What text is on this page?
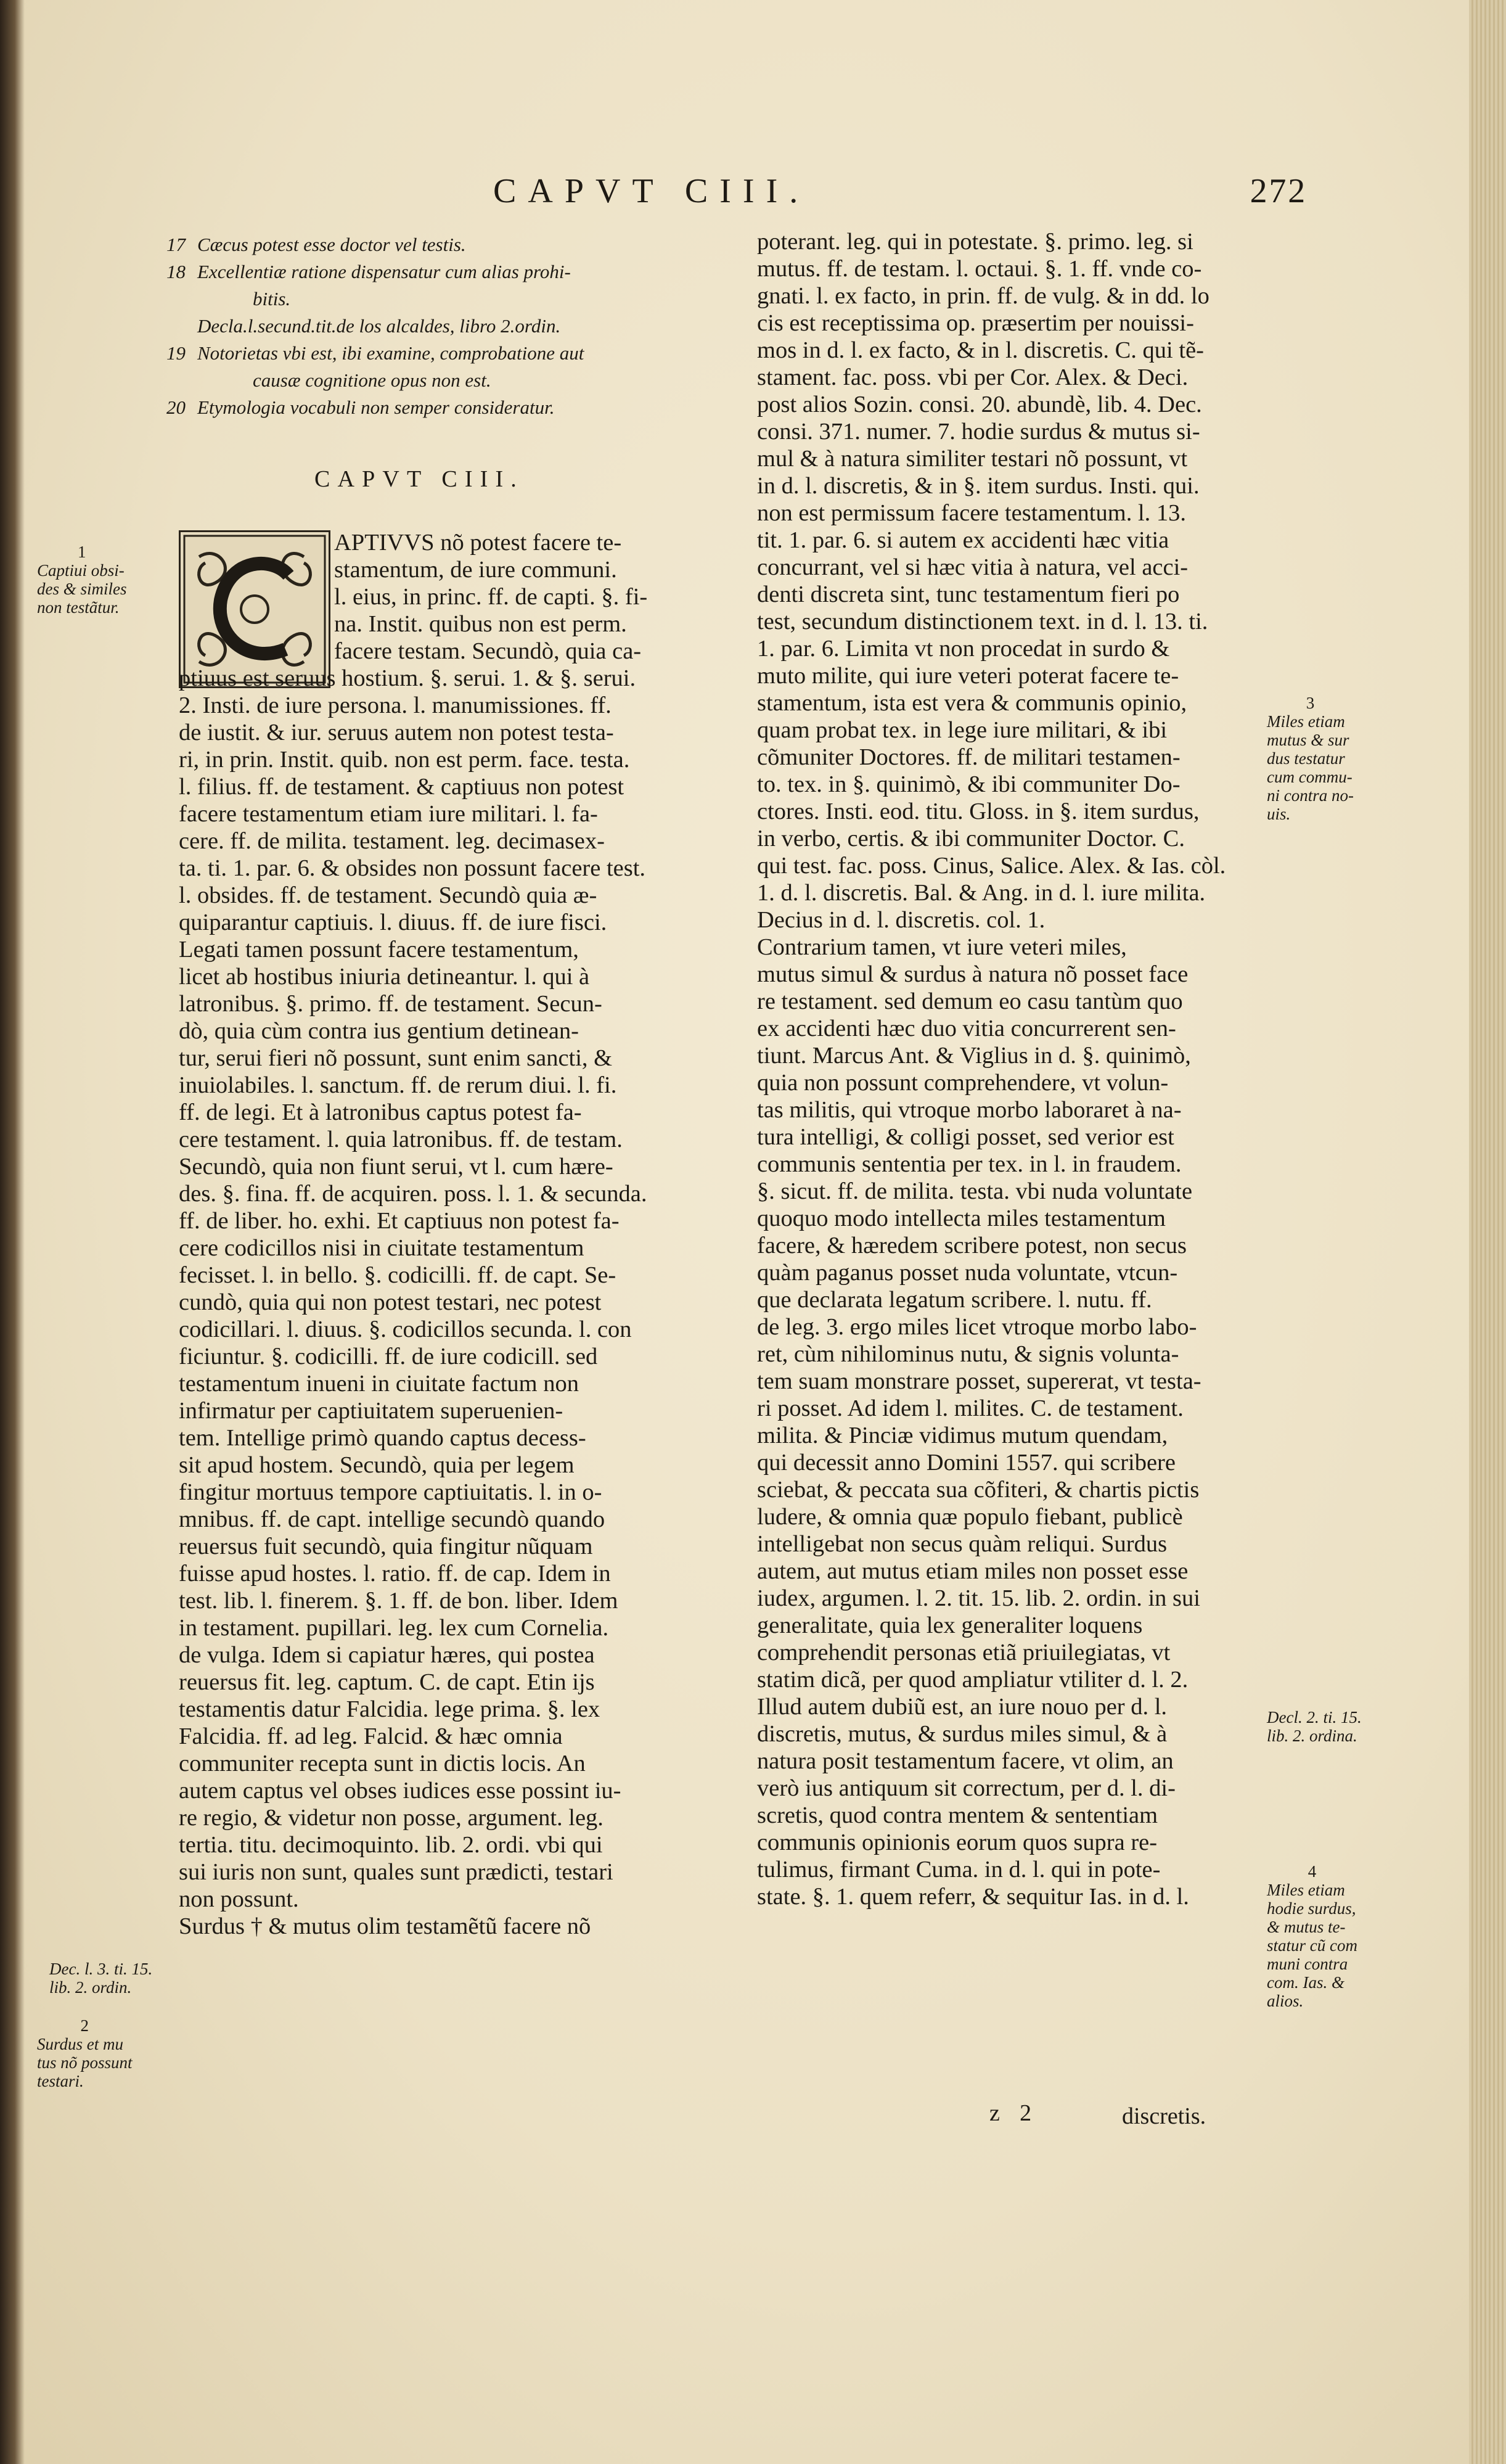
CAPVT CIII.	272
17 Cæcus potest esse doctor vel testis.
18 Excellentiæ ratione dispensatur cum alias prohi-
bitis.
Decla.l.secund.tit.de los alcaldes, libro 2.ordin.
19 Notorietas vbi est, ibi examine, comprobatione aut
causæ cognitione opus non est.
20 Etymologia vocabuli non semper consideratur.
CAPVT CIII.
APTIVVS nõ potest facere te-
stamentum, de iure communi.
l. eius, in princ. ff. de capti. §. fi-
na. Instit. quibus non est perm.
facere testam. Secundò, quia ca-
ptiuus est seruus hostium. §. serui. 1. & §. serui.
2. Insti. de iure persona. l. manumissiones. ff.
de iustit. & iur. seruus autem non potest testa-
ri, in prin. Instit. quib. non est perm. face. testa.
l. filius. ff. de testament. & captiuus non potest
facere testamentum etiam iure militari. l. fa-
cere. ff. de milita. testament. leg. decimasex-
ta. ti. 1. par. 6. & obsides non possunt facere test.
l. obsides. ff. de testament. Secundò quia æ-
quiparantur captiuis. l. diuus. ff. de iure fisci.
Legati tamen possunt facere testamentum,
licet ab hostibus iniuria detineantur. l. qui à
latronibus. §. primo. ff. de testament. Secun-
dò, quia cùm contra ius gentium detinean-
tur, serui fieri nõ possunt, sunt enim sancti, &
inuiolabiles. l. sanctum. ff. de rerum diui. l. fi.
ff. de legi. Et à latronibus captus potest fa-
cere testament. l. quia latronibus. ff. de testam.
Secundò, quia non fiunt serui, vt l. cum hære-
des. §. fina. ff. de acquiren. poss. l. 1. & secunda.
ff. de liber. ho. exhi. Et captiuus non potest fa-
cere codicillos nisi in ciuitate testamentum
fecisset. l. in bello. §. codicilli. ff. de capt. Se-
cundò, quia qui non potest testari, nec potest
codicillari. l. diuus. §. codicillos secunda. l. con
ficiuntur. §. codicilli. ff. de iure codicill. sed
testamentum inueni in ciuitate factum non
infirmatur per captiuitatem superuenien-
tem. Intellige primò quando captus decess-
sit apud hostem. Secundò, quia per legem
fingitur mortuus tempore captiuitatis. l. in o-
mnibus. ff. de capt. intellige secundò quando
reuersus fuit secundò, quia fingitur nũquam
fuisse apud hostes. l. ratio. ff. de cap. Idem in
test. lib. l. finerem. §. 1. ff. de bon. liber. Idem
in testament. pupillari. leg. lex cum Cornelia.
de vulga. Idem si capiatur hæres, qui postea
reuersus fit. leg. captum. C. de capt. Etin ijs
testamentis datur Falcidia. lege prima. §. lex
Falcidia. ff. ad leg. Falcid. & hæc omnia
communiter recepta sunt in dictis locis. An
autem captus vel obses iudices esse possint iu-
re regio, & videtur non posse, argument. leg.
tertia. titu. decimoquinto. lib. 2. ordi. vbi qui
sui iuris non sunt, quales sunt prædicti, testari
non possunt.
Surdus † & mutus olim testamẽtũ facere nõ
poterant. leg. qui in potestate. §. primo. leg. si
mutus. ff. de testam. l. octaui. §. 1. ff. vnde co-
gnati. l. ex facto, in prin. ff. de vulg. & in dd. lo
cis est receptissima op. præsertim per nouissi-
mos in d. l. ex facto, & in l. discretis. C. qui tẽ-
stament. fac. poss. vbi per Cor. Alex. & Deci.
post alios Sozin. consi. 20. abundè, lib. 4. Dec.
consi. 371. numer. 7. hodie surdus & mutus si-
mul & à natura similiter testari nõ possunt, vt
in d. l. discretis, & in §. item surdus. Insti. qui.
non est permissum facere testamentum. l. 13.
tit. 1. par. 6. si autem ex accidenti hæc vitia
concurrant, vel si hæc vitia à natura, vel acci-
denti discreta sint, tunc testamentum fieri po
test, secundum distinctionem text. in d. l. 13. ti.
1. par. 6. Limita vt non procedat in surdo &
muto milite, qui iure veteri poterat facere te-
stamentum, ista est vera & communis opinio,
quam probat tex. in lege iure militari, & ibi
cõmuniter Doctores. ff. de militari testamen-
to. tex. in §. quinimò, & ibi communiter Do-
ctores. Insti. eod. titu. Gloss. in §. item surdus,
in verbo, certis. & ibi communiter Doctor. C.
qui test. fac. poss. Cinus, Salice. Alex. & Ias. còl.
1. d. l. discretis. Bal. & Ang. in d. l. iure milita.
Decius in d. l. discretis. col. 1.
Contrarium tamen, vt iure veteri miles,
mutus simul & surdus à natura nõ posset face
re testament. sed demum eo casu tantùm quo
ex accidenti hæc duo vitia concurrerent sen-
tiunt. Marcus Ant. & Viglius in d. §. quinimò,
quia non possunt comprehendere, vt volun-
tas militis, qui vtroque morbo laboraret à na-
tura intelligi, & colligi posset, sed verior est
communis sententia per tex. in l. in fraudem.
§. sicut. ff. de milita. testa. vbi nuda voluntate
quoquo modo intellecta miles testamentum
facere, & hæredem scribere potest, non secus
quàm paganus posset nuda voluntate, vtcun-
que declarata legatum scribere. l. nutu. ff.
de leg. 3. ergo miles licet vtroque morbo labo-
ret, cùm nihilominus nutu, & signis volunta-
tem suam monstrare posset, supererat, vt testa-
ri posset. Ad idem l. milites. C. de testament.
milita. & Pinciæ vidimus mutum quendam,
qui decessit anno Domini 1557. qui scribere
sciebat, & peccata sua cõfiteri, & chartis pictis
ludere, & omnia quæ populo fiebant, publicè
intelligebat non secus quàm reliqui. Surdus
autem, aut mutus etiam miles non posset esse
iudex, argumen. l. 2. tit. 15. lib. 2. ordin. in sui
generalitate, quia lex generaliter loquens
comprehendit personas etiã priuilegiatas, vt
statim dicã, per quod ampliatur vtiliter d. l. 2.
Illud autem dubiũ est, an iure nouo per d. l.
discretis, mutus, & surdus miles simul, & à
natura posit testamentum facere, vt olim, an
verò ius antiquum sit correctum, per d. l. di-
scretis, quod contra mentem & sententiam
communis opinionis eorum quos supra re-
tulimus, firmant Cuma. in d. l. qui in pote-
state. §. 1. quem referr, & sequitur Ias. in d. l.
1
Captiui obsi-
des & similes
non testãtur.
Dec. l. 3. ti. 15.
lib. 2. ordin.
2
Surdus et mu
tus nõ possunt
testari.
3
Miles etiam
mutus & sur
dus testatur
cum commu-
ni contra no-
uis.
Decl. 2. ti. 15.
lib. 2. ordina.
4
Miles etiam
hodie surdus,
& mutus te-
statur cũ com
muni contra
com. Ias. &
alios.
z 2	discretis.
